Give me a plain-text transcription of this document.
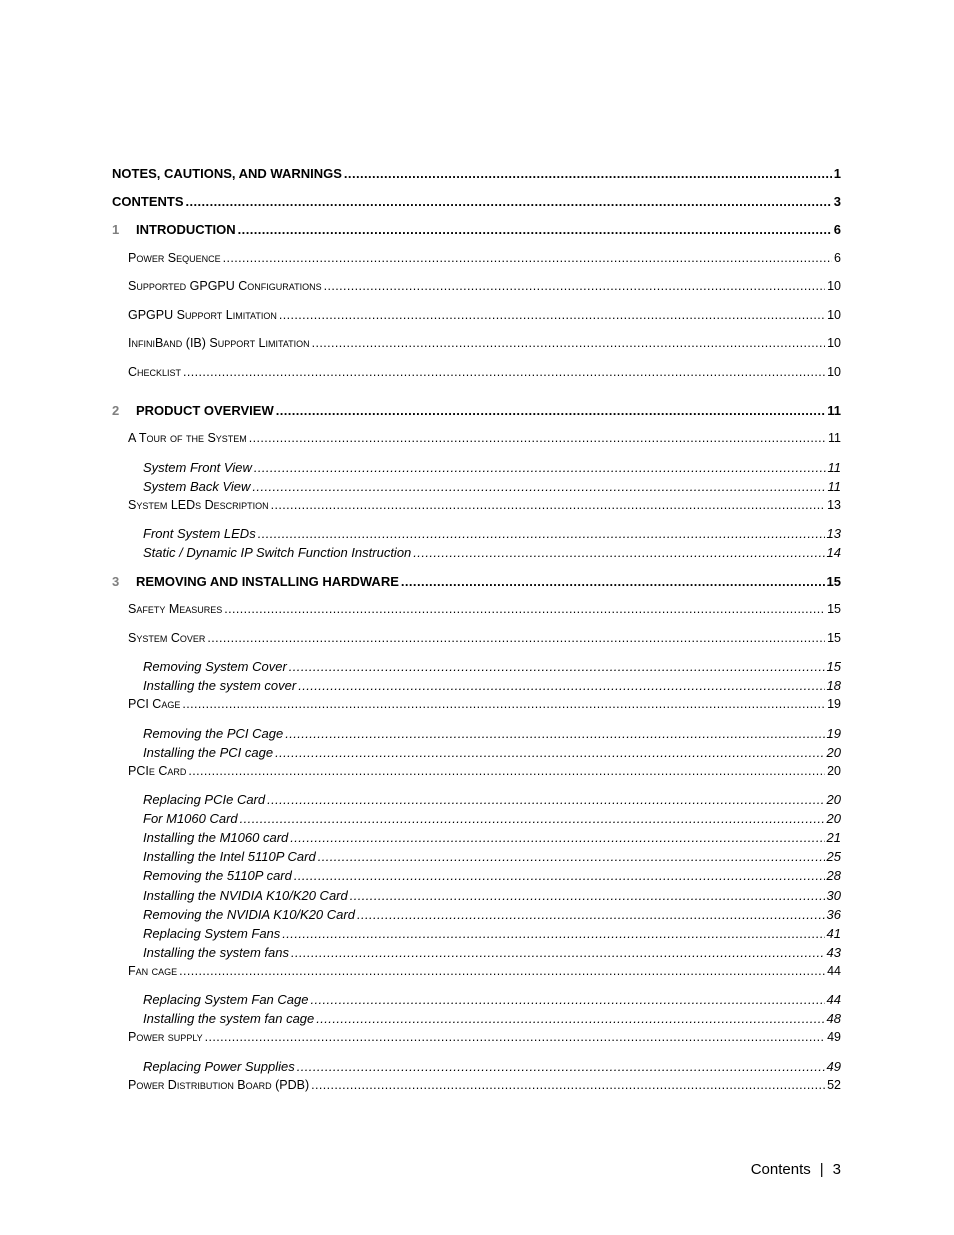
NOTES, CAUTIONS, AND WARNINGS .....	1
CONTENTS .....	3
1	INTRODUCTION .....	6
Power Sequence .....	6
Supported GPGPU Configurations .....	10
GPGPU Support Limitation .....	10
InfiniBand (IB) Support Limitation .....	10
Checklist .....	10
2	PRODUCT OVERVIEW .....	11
A Tour of the System .....	11
System Front View .....	11
System Back View .....	11
System LEDs Description .....	13
Front System LEDs .....	13
Static / Dynamic IP Switch Function Instruction .....	14
3	REMOVING AND INSTALLING HARDWARE .....	15
Safety Measures .....	15
System Cover .....	15
Removing System Cover .....	15
Installing the system cover .....	18
PCI Cage .....	19
Removing the PCI Cage .....	19
Installing the PCI cage .....	20
PCIe Card .....	20
Replacing PCIe Card .....	20
For M1060 Card .....	20
Installing the M1060 card .....	21
Installing the Intel 5110P Card .....	25
Removing the 5110P card .....	28
Installing the NVIDIA K10/K20 Card .....	30
Removing the NVIDIA K10/K20 Card .....	36
Replacing System Fans .....	41
Installing the system fans .....	43
Fan cage .....	44
Replacing System Fan Cage .....	44
Installing the system fan cage .....	48
Power supply .....	49
Replacing Power Supplies .....	49
Power Distribution Board (PDB) .....	52
Contents | 3
